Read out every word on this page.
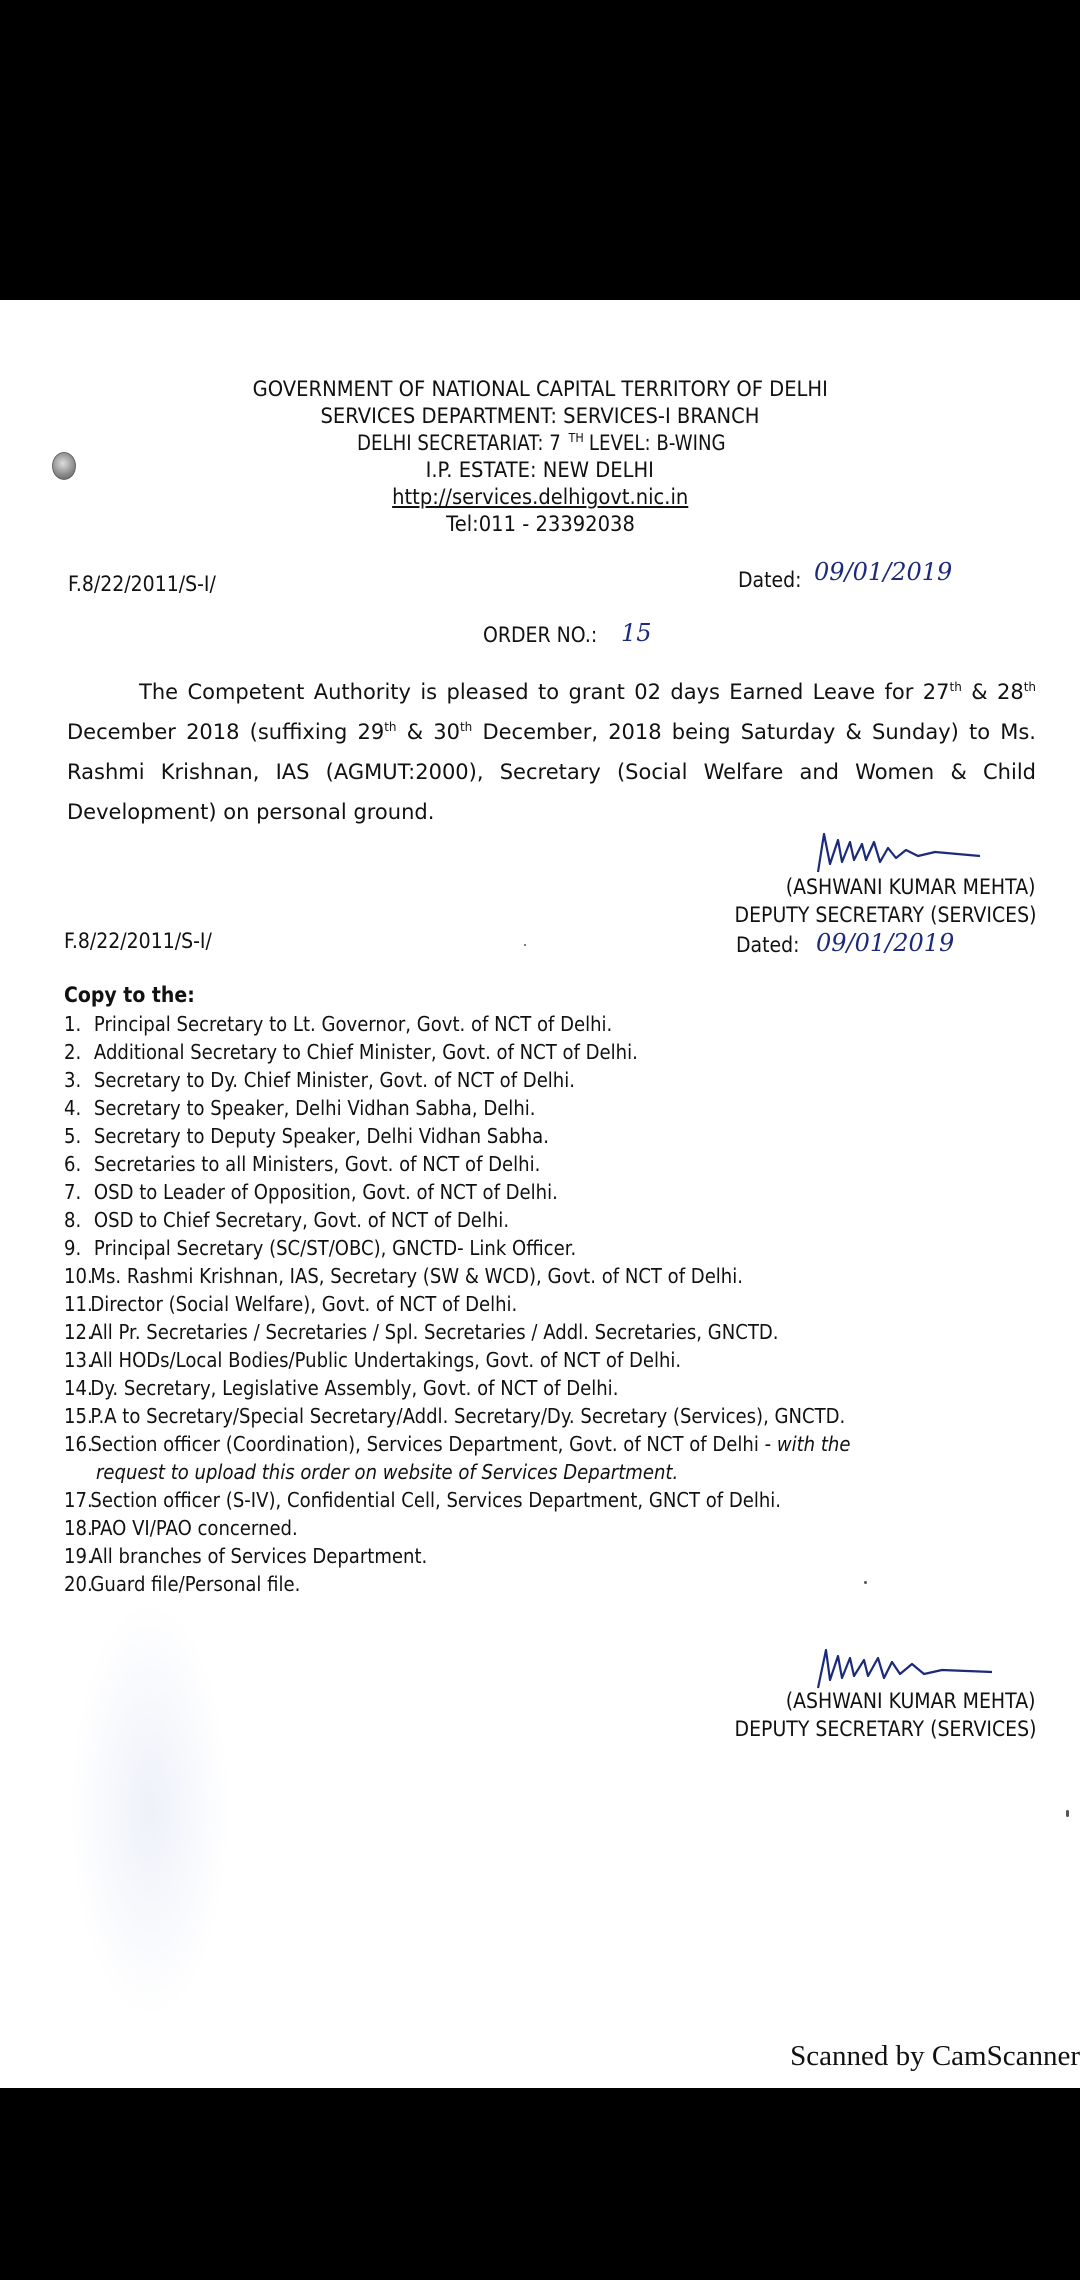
GOVERNMENT OF NATIONAL CAPITAL TERRITORY OF DELHI
SERVICES DEPARTMENT: SERVICES-I BRANCH
DELHI SECRETARIAT: 7 $^{TH}$LEVEL: B-WING
I.P. ESTATE: NEW DELHI
http://services.delhigovt.nic.in
Tel:011 - 23392038
F.8/22/2011/S-I/	Dated: 09/01/2019
ORDER NO.: 15
The Competent Authority is pleased to grant 02 days Earned Leave for 27th & 28th
December 2018 (suffixing 29th & 30th December, 2018 being Saturday & Sunday) to Ms.
Rashmi Krishnan, IAS (AGMUT:2000), Secretary (Social Welfare and Women & Child
Development) on personal ground.
(ASHWANI KUMAR MEHTA)
DEPUTY SECRETARY (SERVICES)
F.8/22/2011/S-I/	Dated: 09/01/2019
Copy to the:
1. Principal Secretary to Lt. Governor, Govt. of NCT of Delhi.
2. Additional Secretary to Chief Minister, Govt. of NCT of Delhi.
3. Secretary to Dy. Chief Minister, Govt. of NCT of Delhi.
4. Secretary to Speaker, Delhi Vidhan Sabha, Delhi.
5. Secretary to Deputy Speaker, Delhi Vidhan Sabha.
6. Secretaries to all Ministers, Govt. of NCT of Delhi.
7. OSD to Leader of Opposition, Govt. of NCT of Delhi.
8. OSD to Chief Secretary, Govt. of NCT of Delhi.
9. Principal Secretary (SC/ST/OBC), GNCTD- Link Officer.
10.Ms. Rashmi Krishnan, IAS, Secretary (SW & WCD), Govt. of NCT of Delhi.
11.Director (Social Welfare), Govt. of NCT of Delhi.
12.All Pr. Secretaries / Secretaries / Spl. Secretaries / Addl. Secretaries, GNCTD.
13.All HODs/Local Bodies/Public Undertakings, Govt. of NCT of Delhi.
14.Dy. Secretary, Legislative Assembly, Govt. of NCT of Delhi.
15.P.A to Secretary/Special Secretary/Addl. Secretary/Dy. Secretary (Services), GNCTD.
16.Section officer (Coordination), Services Department, Govt. of NCT of Delhi - with the
request to upload this order on website of Services Department.
17.Section officer (S-IV), Confidential Cell, Services Department, GNCT of Delhi.
18.PAO VI/PAO concerned.
19.All branches of Services Department.
20.Guard file/Personal file.
(ASHWANI KUMAR MEHTA)
DEPUTY SECRETARY (SERVICES)
Scanned by CamScanner
